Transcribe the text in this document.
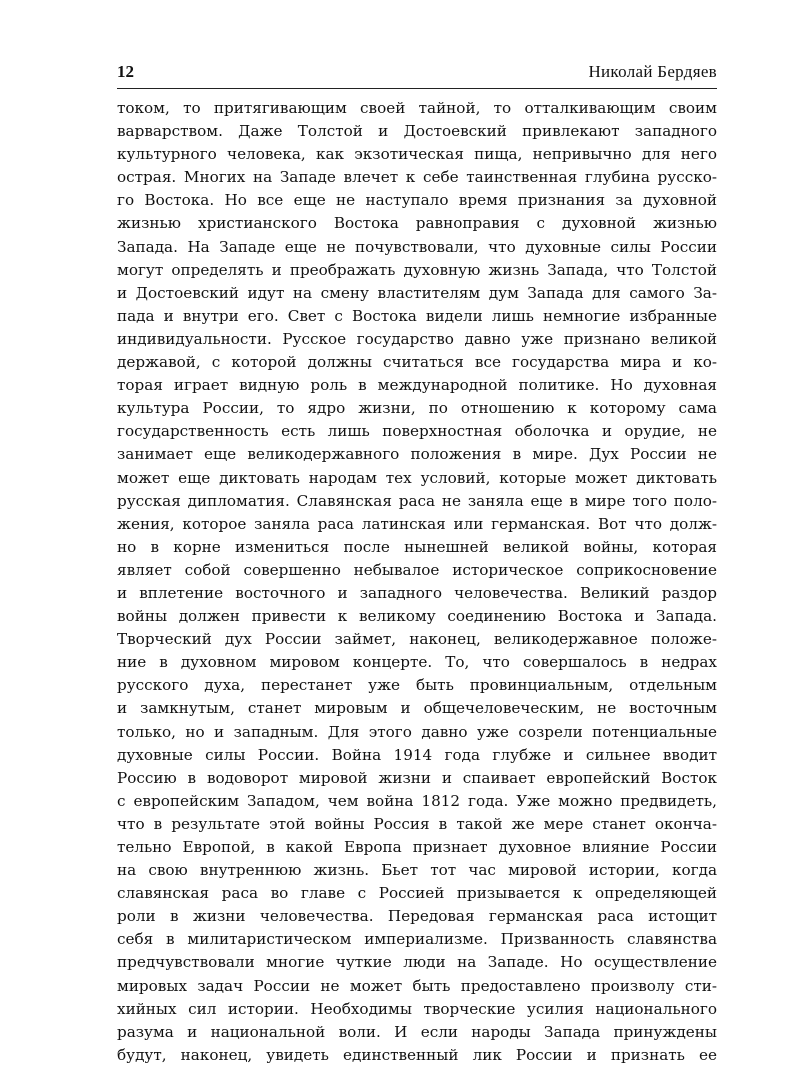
12	Николай Бердяев
током, то притягивающим своей тайной, то отталкивающим своим
варварством. Даже Толстой и Достоевский привлекают западного
культурного человека, как экзотическая пища, непривычно для него
острая. Многих на Западе влечет к себе таинственная глубина русско-
го Востока. Но все еще не наступало время признания за духовной
жизнью христианского Востока равноправия с духовной жизнью
Запада. На Западе еще не почувствовали, что духовные силы России
могут определять и преображать духовную жизнь Запада, что Толстой
и Достоевский идут на смену властителям дум Запада для самого За-
пада и внутри его. Свет с Востока видели лишь немногие избранные
индивидуальности. Русское государство давно уже признано великой
державой, с которой должны считаться все государства мира и ко-
торая играет видную роль в международной политике. Но духовная
культура России, то ядро жизни, по отношению к которому сама
государственность есть лишь поверхностная оболочка и орудие, не
занимает еще великодержавного положения в мире. Дух России не
может еще диктовать народам тех условий, которые может диктовать
русская дипломатия. Славянская раса не заняла еще в мире того поло-
жения, которое заняла раса латинская или германская. Вот что долж-
но в корне измениться после нынешней великой войны, которая
являет собой совершенно небывалое историческое соприкосновение
и вплетение восточного и западного человечества. Великий раздор
войны должен привести к великому соединению Востока и Запада.
Творческий дух России займет, наконец, великодержавное положе-
ние в духовном мировом концерте. То, что совершалось в недрах
русского духа, перестанет уже быть провинциальным, отдельным
и замкнутым, станет мировым и общечеловеческим, не восточным
только, но и западным. Для этого давно уже созрели потенциальные
духовные силы России. Война 1914 года глубже и сильнее вводит
Россию в водоворот мировой жизни и спаивает европейский Восток
с европейским Западом, чем война 1812 года. Уже можно предвидеть,
что в результате этой войны Россия в такой же мере станет оконча-
тельно Европой, в какой Европа признает духовное влияние России
на свою внутреннюю жизнь. Бьет тот час мировой истории, когда
славянская раса во главе с Россией призывается к определяющей
роли в жизни человечества. Передовая германская раса истощит
себя в милитаристическом империализме. Призванность славянства
предчувствовали многие чуткие люди на Западе. Но осуществление
мировых задач России не может быть предоставлено произволу сти-
хийных сил истории. Необходимы творческие усилия национального
разума и национальной воли. И если народы Запада принуждены
будут, наконец, увидеть единственный лик России и признать ее
